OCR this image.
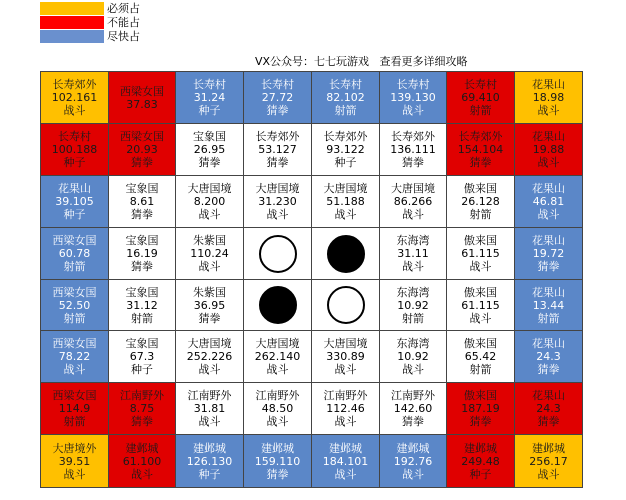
必须占
不能占
尽快占
VX公众号：七七玩游戏   查看更多详细攻略
长寿郊外
102.161
战斗
西梁女国
37.83
长寿村
31.24
种子
长寿村
27.72
猜拳
长寿村
82.102
射箭
长寿村
139.130
战斗
长寿村
69.410
射箭
花果山
18.98
战斗
长寿村
100.188
种子
西梁女国
20.93
猜拳
宝象国
26.95
猜拳
长寿郊外
53.127
猜拳
长寿郊外
93.122
种子
长寿郊外
136.111
猜拳
长寿郊外
154.104
猜拳
花果山
19.88
战斗
花果山
39.105
种子
宝象国
8.61
猜拳
大唐国境
8.200
战斗
大唐国境
31.230
战斗
大唐国境
51.188
战斗
大唐国境
86.266
战斗
傲来国
26.128
射箭
花果山
46.81
战斗
西梁女国
60.78
射箭
宝象国
16.19
猜拳
朱紫国
110.24
战斗
东海湾
31.11
战斗
傲来国
61.115
战斗
花果山
19.72
猜拳
西梁女国
52.50
射箭
宝象国
31.12
射箭
朱紫国
36.95
猜拳
东海湾
10.92
射箭
傲来国
61.115
战斗
花果山
13.44
射箭
西梁女国
78.22
战斗
宝象国
67.3
种子
大唐国境
252.226
战斗
大唐国境
262.140
战斗
大唐国境
330.89
战斗
东海湾
10.92
战斗
傲来国
65.42
射箭
花果山
24.3
猜拳
西梁女国
114.9
射箭
江南野外
8.75
猜拳
江南野外
31.81
战斗
江南野外
48.50
战斗
江南野外
112.46
战斗
江南野外
142.60
猜拳
傲来国
187.19
猜拳
花果山
24.3
猜拳
大唐境外
39.51
战斗
建邺城
61.100
战斗
建邺城
126.130
种子
建邺城
159.110
猜拳
建邺城
184.101
战斗
建邺城
192.76
战斗
建邺城
249.48
种子
建邺城
256.17
战斗
